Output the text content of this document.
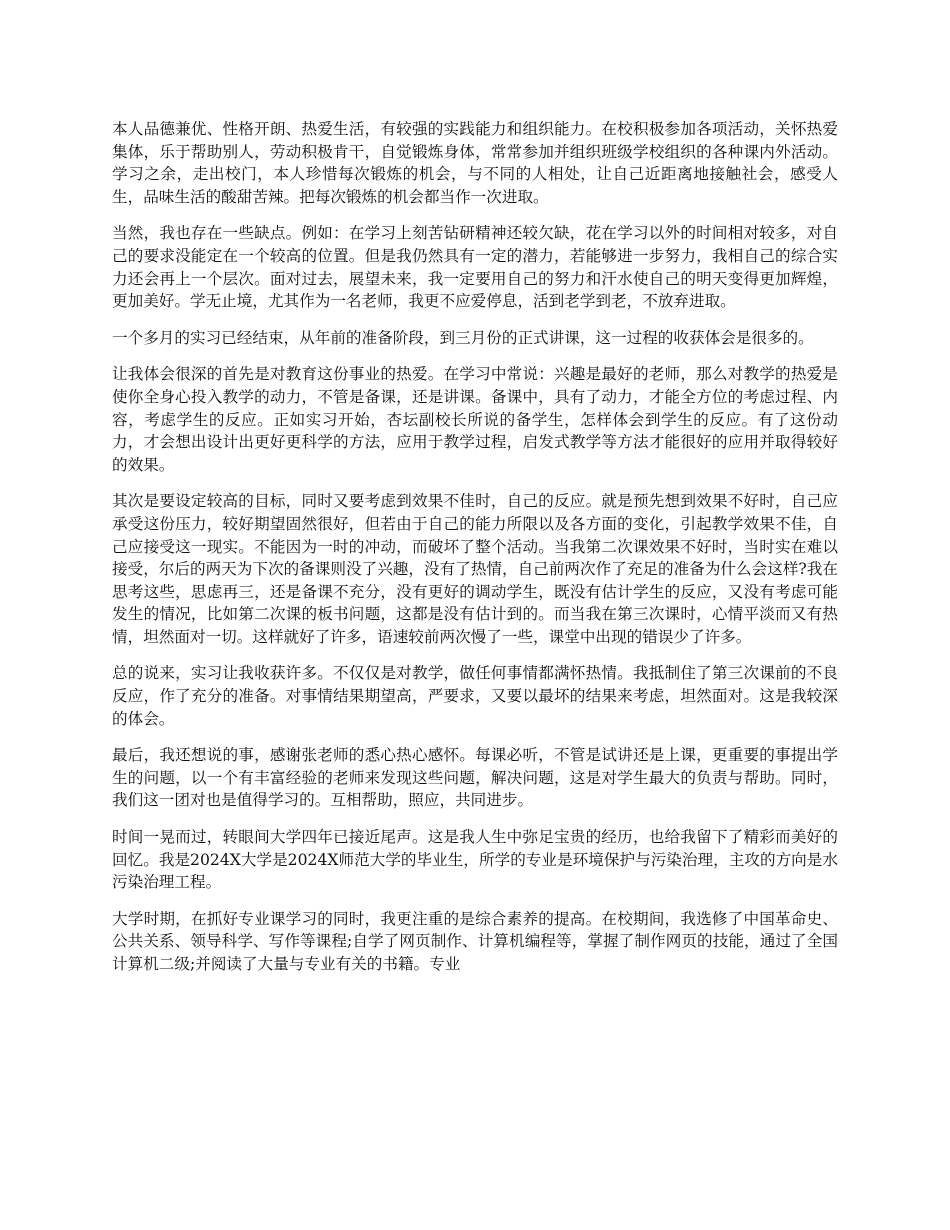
本人品德兼优、性格开朗、热爱生活，有较强的实践能力和组织能力。在校积极参加各项活动，关怀热爱集体，乐于帮助别人，劳动积极肯干，自觉锻炼身体，常常参加并组织班级学校组织的各种课内外活动。学习之余，走出校门，本人珍惜每次锻炼的机会，与不同的人相处，让自己近距离地接触社会，感受人生，品味生活的酸甜苦辣。把每次锻炼的机会都当作一次进取。

当然，我也存在一些缺点。例如：在学习上刻苦钻研精神还较欠缺，花在学习以外的时间相对较多，对自己的要求没能定在一个较高的位置。但是我仍然具有一定的潜力，若能够进一步努力，我相自己的综合实力还会再上一个层次。面对过去，展望未来，我一定要用自己的努力和汗水使自己的明天变得更加辉煌，更加美好。学无止境，尤其作为一名老师，我更不应爱停息，活到老学到老，不放弃进取。

一个多月的实习已经结束，从年前的准备阶段，到三月份的正式讲课，这一过程的收获体会是很多的。

让我体会很深的首先是对教育这份事业的热爱。在学习中常说：兴趣是最好的老师，那么对教学的热爱是使你全身心投入教学的动力，不管是备课，还是讲课。备课中，具有了动力，才能全方位的考虑过程、内容，考虑学生的反应。正如实习开始，杏坛副校长所说的备学生，怎样体会到学生的反应。有了这份动力，才会想出设计出更好更科学的方法，应用于教学过程，启发式教学等方法才能很好的应用并取得较好的效果。

其次是要设定较高的目标，同时又要考虑到效果不佳时，自己的反应。就是预先想到效果不好时，自己应承受这份压力，较好期望固然很好，但若由于自己的能力所限以及各方面的变化，引起教学效果不佳，自己应接受这一现实。不能因为一时的冲动，而破坏了整个活动。当我第二次课效果不好时，当时实在难以接受，尔后的两天为下次的备课则没了兴趣，没有了热情，自己前两次作了充足的准备为什么会这样?我在思考这些，思虑再三，还是备课不充分，没有更好的调动学生，既没有估计学生的反应，又没有考虑可能发生的情况，比如第二次课的板书问题，这都是没有估计到的。而当我在第三次课时，心情平淡而又有热情，坦然面对一切。这样就好了许多，语速较前两次慢了一些，课堂中出现的错误少了许多。

总的说来，实习让我收获许多。不仅仅是对教学，做任何事情都满怀热情。我抵制住了第三次课前的不良反应，作了充分的准备。对事情结果期望高，严要求，又要以最坏的结果来考虑，坦然面对。这是我较深的体会。

最后，我还想说的事，感谢张老师的悉心热心感怀。每课必听，不管是试讲还是上课，更重要的事提出学生的问题，以一个有丰富经验的老师来发现这些问题，解决问题，这是对学生最大的负责与帮助。同时，我们这一团对也是值得学习的。互相帮助，照应，共同进步。

时间一晃而过，转眼间大学四年已接近尾声。这是我人生中弥足宝贵的经历，也给我留下了精彩而美好的回忆。我是2024X大学是2024X师范大学的毕业生，所学的专业是环境保护与污染治理，主攻的方向是水污染治理工程。

大学时期，在抓好专业课学习的同时，我更注重的是综合素养的提高。在校期间，我选修了中国革命史、公共关系、领导科学、写作等课程;自学了网页制作、计算机编程等，掌握了制作网页的技能，通过了全国计算机二级;并阅读了大量与专业有关的书籍。专业
